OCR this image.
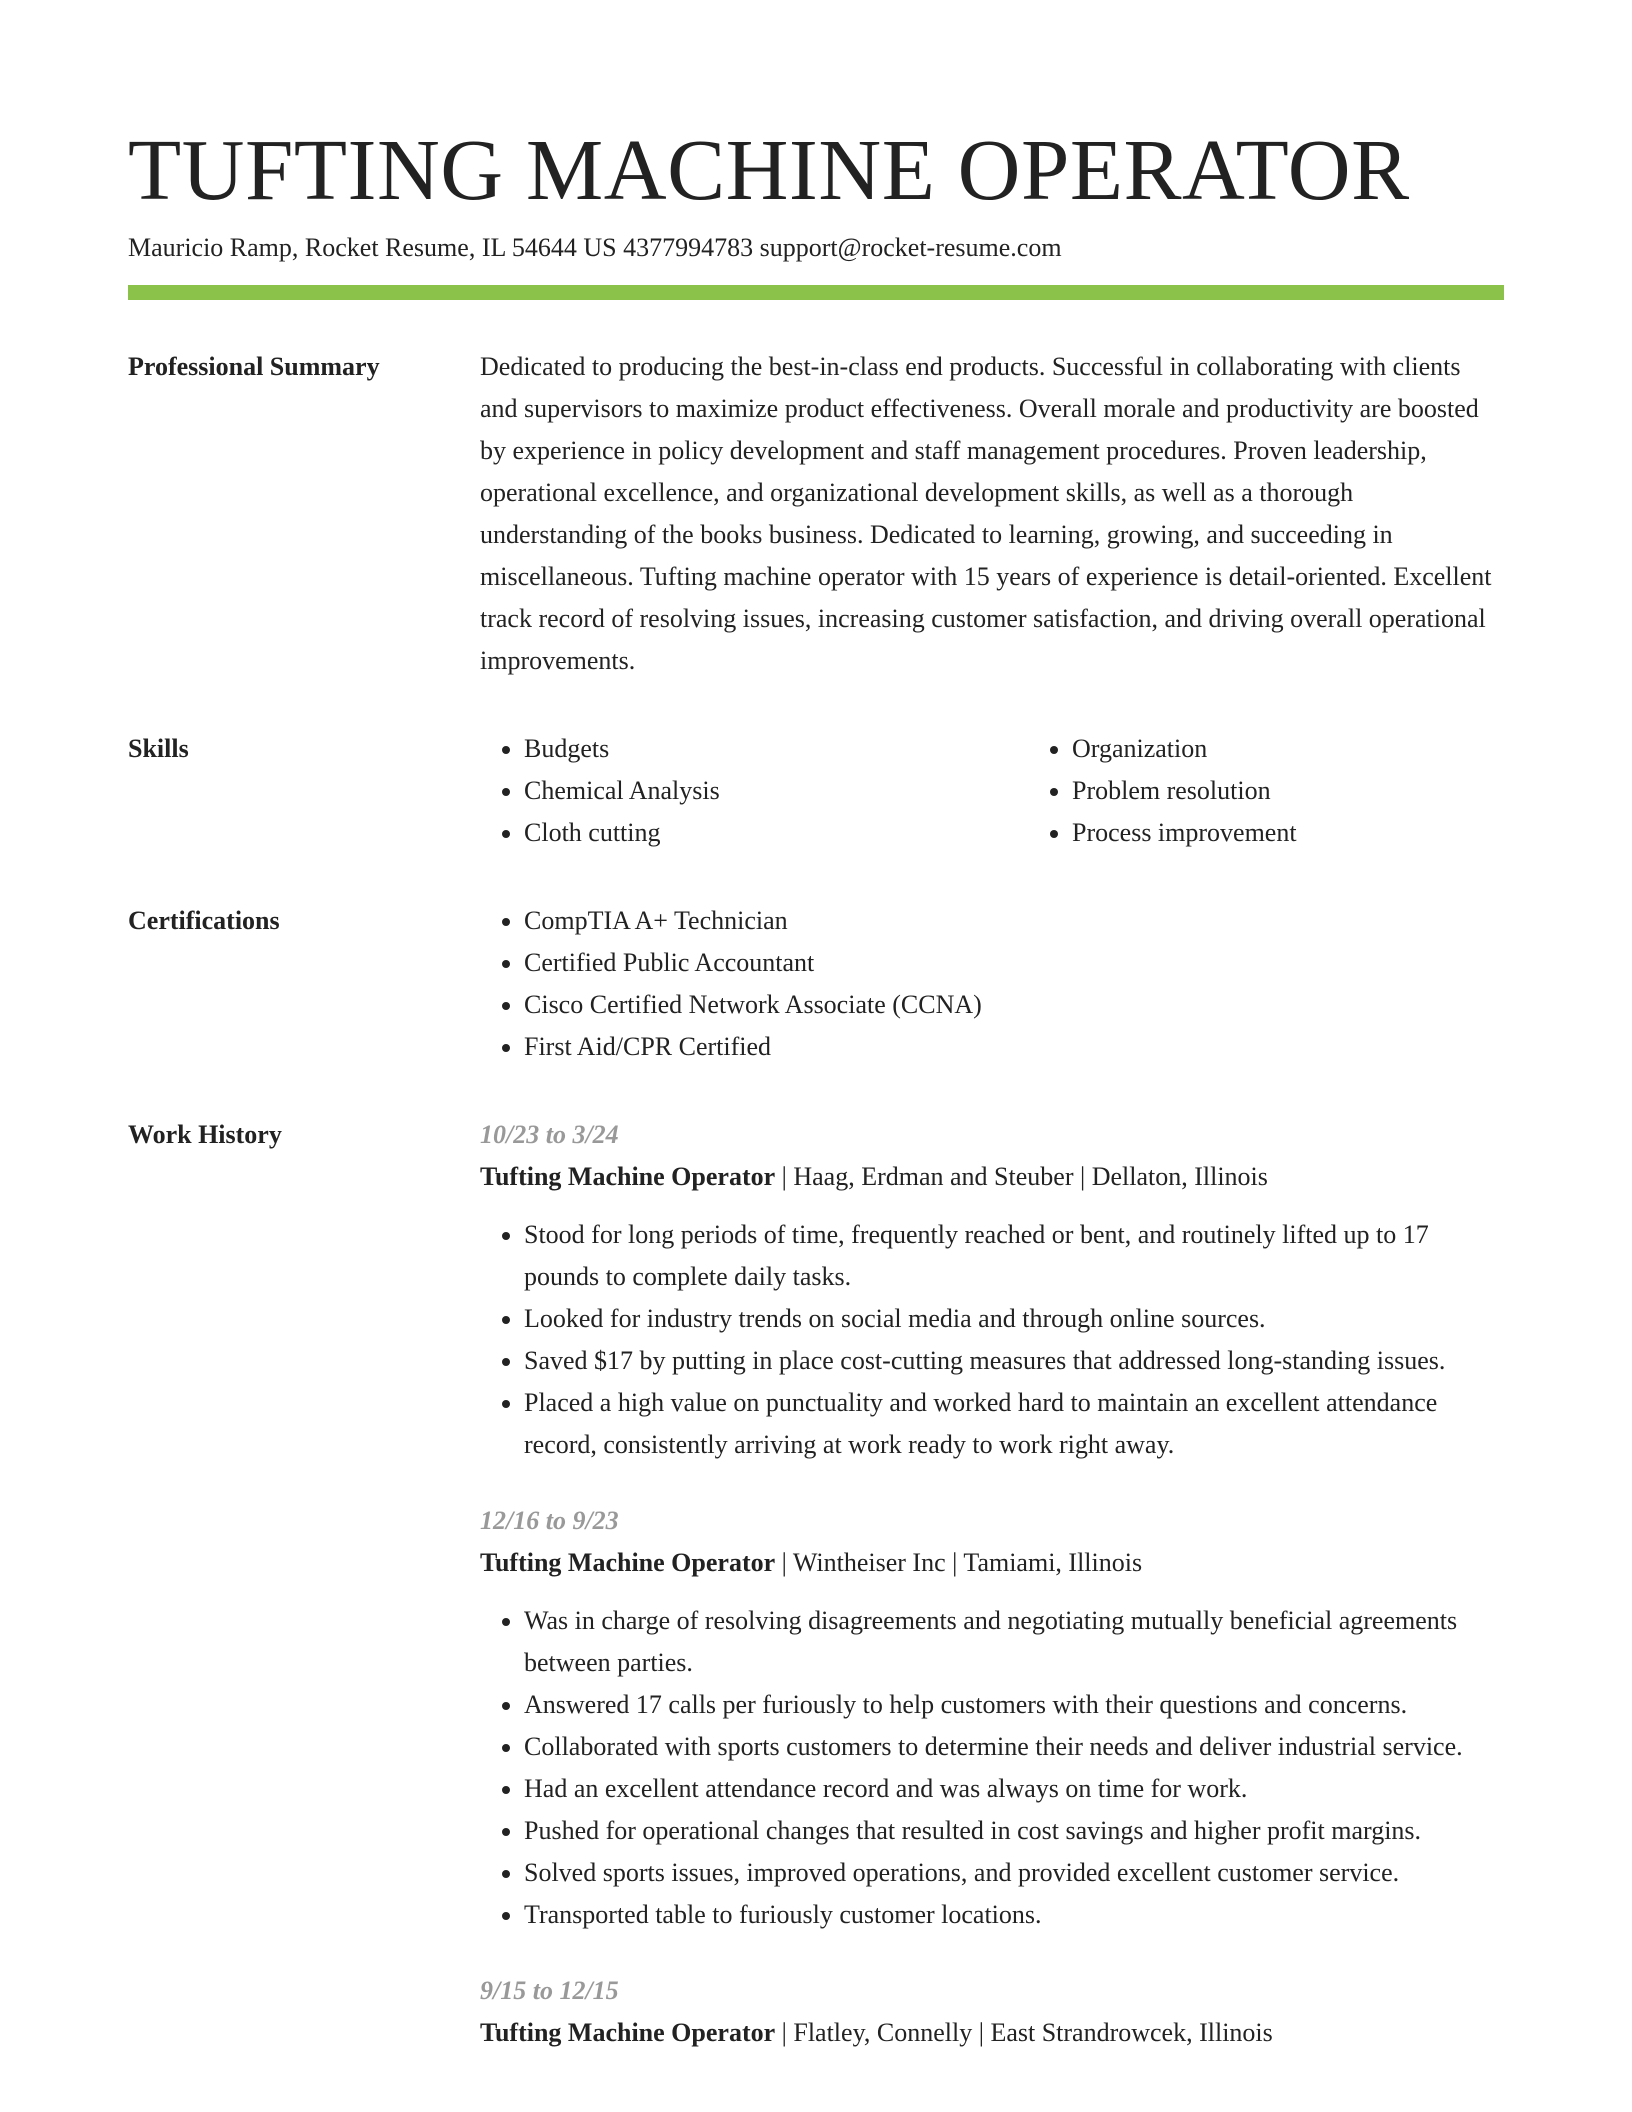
TUFTING MACHINE OPERATOR
Mauricio Ramp, Rocket Resume, IL 54644 US 4377994783 support@rocket-resume.com
Professional Summary	Dedicated to producing the best-in-class end products. Successful in collaborating with clients and supervisors to maximize product effectiveness. Overall morale and productivity are boosted by experience in policy development and staff management procedures. Proven leadership, operational excellence, and organizational development skills, as well as a thorough understanding of the books business. Dedicated to learning, growing, and succeeding in miscellaneous. Tufting machine operator with 15 years of experience is detail-oriented. Excellent track record of resolving issues, increasing customer satisfaction, and driving overall operational improvements.

Skills	• Budgets
• Chemical Analysis
• Cloth cutting
• Organization
• Problem resolution
• Process improvement
Certifications	• CompTIA A+ Technician
• Certified Public Accountant
• Cisco Certified Network Associate (CCNA)
• First Aid/CPR Certified
Work History	10/23 to 3/24
Tufting Machine Operator | Haag, Erdman and Steuber | Dellaton, Illinois
• Stood for long periods of time, frequently reached or bent, and routinely lifted up to 17 pounds to complete daily tasks.
• Looked for industry trends on social media and through online sources.
• Saved $17 by putting in place cost-cutting measures that addressed long-standing issues.
• Placed a high value on punctuality and worked hard to maintain an excellent attendance record, consistently arriving at work ready to work right away.
12/16 to 9/23
Tufting Machine Operator | Wintheiser Inc | Tamiami, Illinois
• Was in charge of resolving disagreements and negotiating mutually beneficial agreements between parties.
• Answered 17 calls per furiously to help customers with their questions and concerns.
• Collaborated with sports customers to determine their needs and deliver industrial service.
• Had an excellent attendance record and was always on time for work.
• Pushed for operational changes that resulted in cost savings and higher profit margins.
• Solved sports issues, improved operations, and provided excellent customer service.
• Transported table to furiously customer locations.
9/15 to 12/15
Tufting Machine Operator | Flatley, Connelly | East Strandrowcek, Illinois
